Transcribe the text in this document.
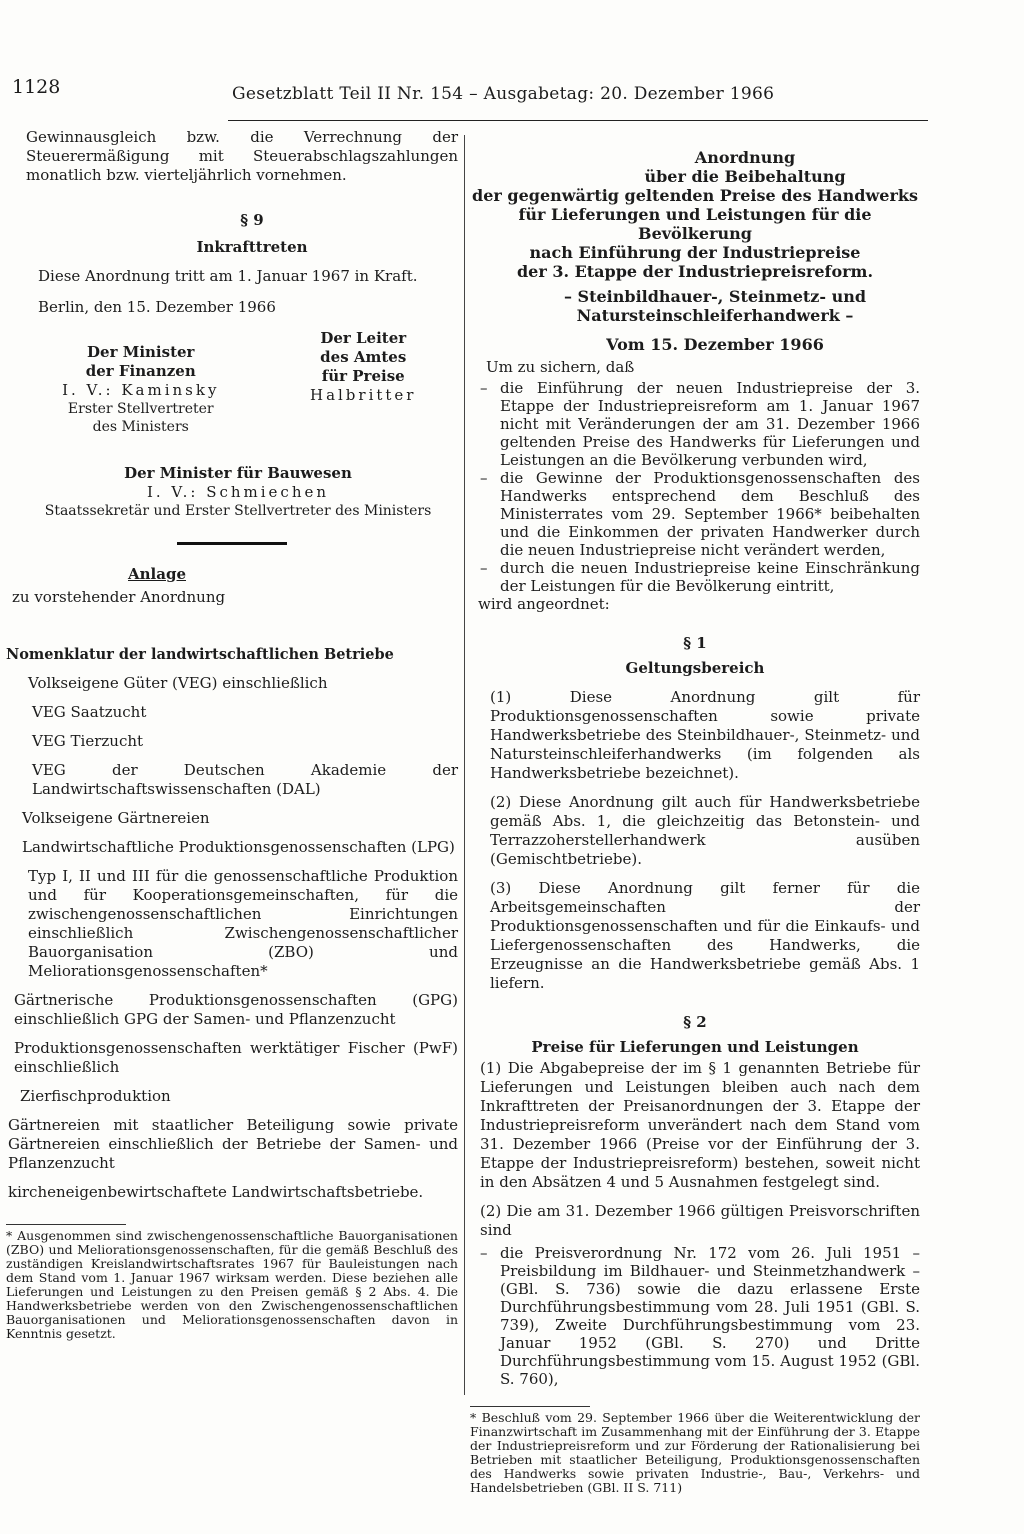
1128	Gesetzblatt Teil II Nr. 154 – Ausgabetag: 20. Dezember 1966

Gewinnausgleich bzw. die Verrechnung der Steuerermäßigung mit Steuerabschlagszahlungen monatlich bzw. vierteljährlich vornehmen.

§ 9

Inkrafttreten

Diese Anordnung tritt am 1. Januar 1967 in Kraft.

Berlin, den 15. Dezember 1966

Der Minister

der Finanzen

I. V.: Kaminsky

Erster Stellvertreter

des Ministers

Der Leiter

des Amtes

für Preise

Halbritter

Der Minister für Bauwesen

I. V.: Schmiechen

Staatssekretär und Erster Stellvertreter des Ministers

Anlage

zu vorstehender Anordnung

Nomenklatur der landwirtschaftlichen Betriebe

Volkseigene Güter (VEG) einschließlich

VEG Saatzucht

VEG Tierzucht

VEG der Deutschen Akademie der Landwirtschaftswissenschaften (DAL)

Volkseigene Gärtnereien

Landwirtschaftliche Produktionsgenossenschaften (LPG)

Typ I, II und III für die genossenschaftliche Produktion und für Kooperationsgemeinschaften, für die zwischengenossenschaftlichen Einrichtungen einschließlich Zwischengenossenschaftlicher Bauorganisation (ZBO) und Meliorationsgenossenschaften*

Gärtnerische Produktionsgenossenschaften (GPG) einschließlich GPG der Samen- und Pflanzenzucht

Produktionsgenossenschaften werktätiger Fischer (PwF) einschließlich

Zierfischproduktion

Gärtnereien mit staatlicher Beteiligung sowie private Gärtnereien einschließlich der Betriebe der Samen- und Pflanzenzucht

kircheneigenbewirtschaftete Landwirtschaftsbetriebe.

* Ausgenommen sind zwischengenossenschaftliche Bauorganisationen (ZBO) und Meliorationsgenossenschaften, für die gemäß Beschluß des zuständigen Kreislandwirtschaftsrates 1967 für Bauleistungen nach dem Stand vom 1. Januar 1967 wirksam werden. Diese beziehen alle Lieferungen und Leistungen zu den Preisen gemäß § 2 Abs. 4. Die Handwerksbetriebe werden von den Zwischengenossenschaftlichen Bauorganisationen und Meliorationsgenossenschaften davon in Kenntnis gesetzt.

Anordnung

über die Beibehaltung

der gegenwärtig geltenden Preise des Handwerks

für Lieferungen und Leistungen für die Bevölkerung

nach Einführung der Industriepreise

der 3. Etappe der Industriepreisreform.

– Steinbildhauer-, Steinmetz- und

Natursteinschleiferhandwerk –

Vom 15. Dezember 1966

Um zu sichern, daß

– die Einführung der neuen Industriepreise der 3. Etappe der Industriepreisreform am 1. Januar 1967 nicht mit Veränderungen der am 31. Dezember 1966 geltenden Preise des Handwerks für Lieferungen und Leistungen an die Bevölkerung verbunden wird,
– die Gewinne der Produktionsgenossenschaften des Handwerks entsprechend dem Beschluß des Ministerrates vom 29. September 1966* beibehalten und die Einkommen der privaten Handwerker durch die neuen Industriepreise nicht verändert werden,
– durch die neuen Industriepreise keine Einschränkung der Leistungen für die Bevölkerung eintritt,

wird angeordnet:

§ 1

Geltungsbereich

(1) Diese Anordnung gilt für Produktionsgenossenschaften sowie private Handwerksbetriebe des Steinbildhauer-, Steinmetz- und Natursteinschleiferhandwerks (im folgenden als Handwerksbetriebe bezeichnet).

(2) Diese Anordnung gilt auch für Handwerksbetriebe gemäß Abs. 1, die gleichzeitig das Betonstein- und Terrazzoherstellerhandwerk ausüben (Gemischtbetriebe).

(3) Diese Anordnung gilt ferner für die Arbeitsgemeinschaften der Produktionsgenossenschaften und für die Einkaufs- und Liefergenossenschaften des Handwerks, die Erzeugnisse an die Handwerksbetriebe gemäß Abs. 1 liefern.

§ 2

Preise für Lieferungen und Leistungen

(1) Die Abgabepreise der im § 1 genannten Betriebe für Lieferungen und Leistungen bleiben auch nach dem Inkrafttreten der Preisanordnungen der 3. Etappe der Industriepreisreform unverändert nach dem Stand vom 31. Dezember 1966 (Preise vor der Einführung der 3. Etappe der Industriepreisreform) bestehen, soweit nicht in den Absätzen 4 und 5 Ausnahmen festgelegt sind.

(2) Die am 31. Dezember 1966 gültigen Preisvorschriften sind

– die Preisverordnung Nr. 172 vom 26. Juli 1951 – Preisbildung im Bildhauer- und Steinmetzhandwerk – (GBl. S. 736) sowie die dazu erlassene Erste Durchführungsbestimmung vom 28. Juli 1951 (GBl. S. 739), Zweite Durchführungsbestimmung vom 23. Januar 1952 (GBl. S. 270) und Dritte Durchführungsbestimmung vom 15. August 1952 (GBl. S. 760),

* Beschluß vom 29. September 1966 über die Weiterentwicklung der Finanzwirtschaft im Zusammenhang mit der Einführung der 3. Etappe der Industriepreisreform und zur Förderung der Rationalisierung bei Betrieben mit staatlicher Beteiligung, Produktionsgenossenschaften des Handwerks sowie privaten Industrie-, Bau-, Verkehrs- und Handelsbetrieben (GBl. II S. 711)
